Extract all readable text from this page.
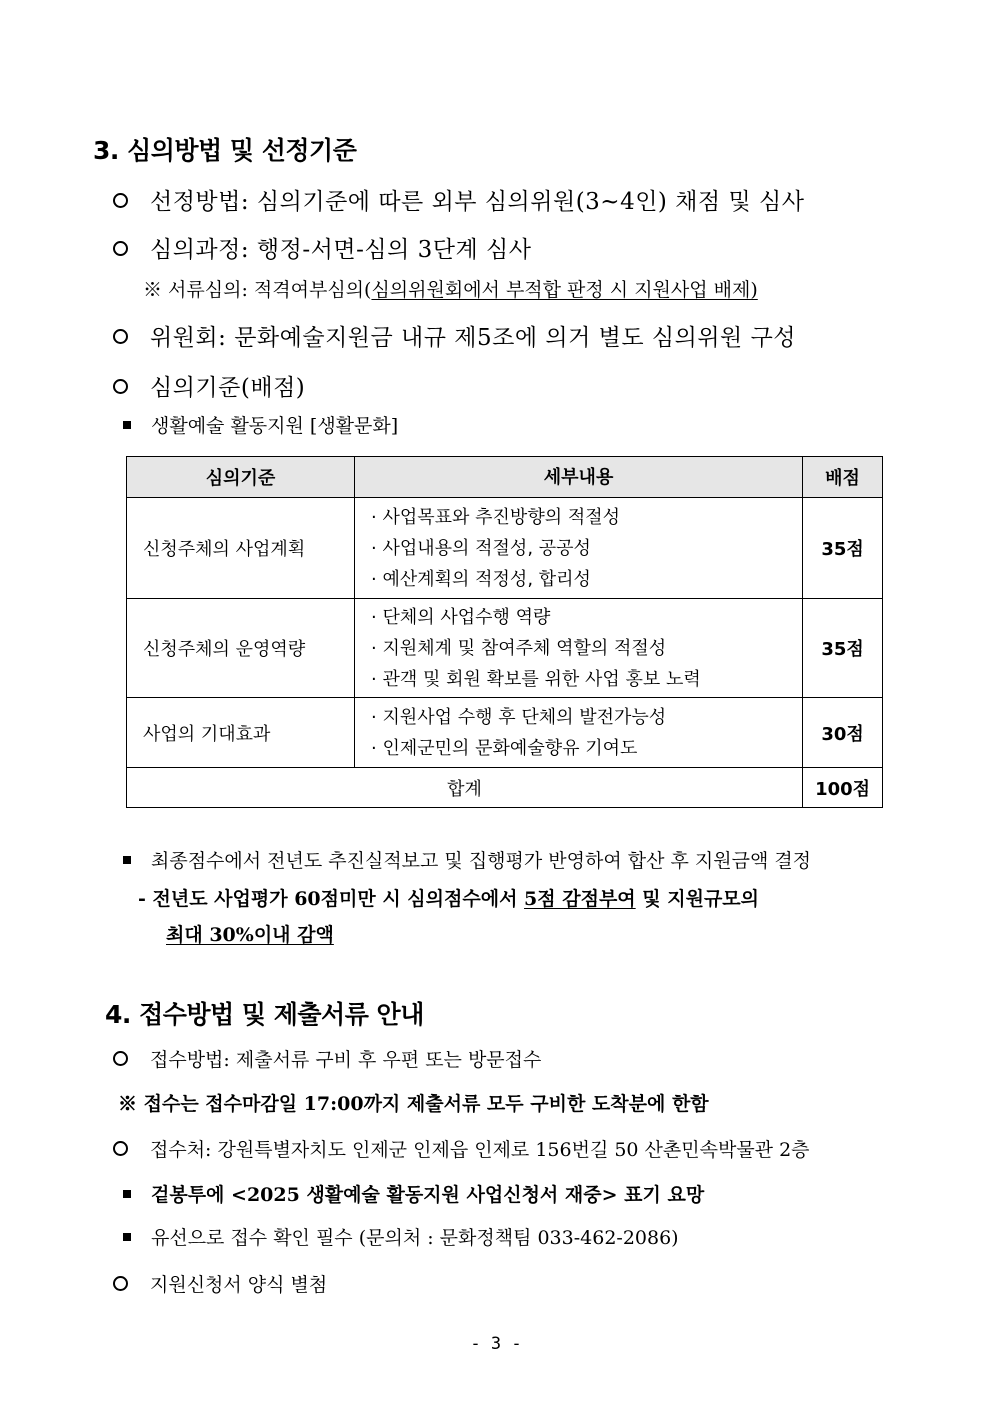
3. 심의방법 및 선정기준
선정방법: 심의기준에 따른 외부 심의위원(3~4인) 채점 및 심사
심의과정: 행정-서면-심의 3단계 심사
※ 서류심의: 적격여부심의(심의위원회에서 부적합 판정 시 지원사업 배제)
위원회: 문화예술지원금 내규 제5조에 의거 별도 심의위원 구성
심의기준(배점)
생활예술 활동지원 [생활문화]
심의기준	세부내용	배점
신청주체의 사업계획	· 사업목표와 추진방향의 적절성
· 사업내용의 적절성, 공공성
· 예산계획의 적정성, 합리성	35점
신청주체의 운영역량	· 단체의 사업수행 역량
· 지원체계 및 참여주체 역할의 적절성
· 관객 및 회원 확보를 위한 사업 홍보 노력	35점
사업의 기대효과	· 지원사업 수행 후 단체의 발전가능성
· 인제군민의 문화예술향유 기여도	30점
합계		100점
최종점수에서 전년도 추진실적보고 및 집행평가 반영하여 합산 후 지원금액 결정
- 전년도 사업평가 60점미만 시 심의점수에서 5점 감점부여 및 지원규모의
최대 30%이내 감액
4. 접수방법 및 제출서류 안내
접수방법: 제출서류 구비 후 우편 또는 방문접수
※ 접수는 접수마감일 17:00까지 제출서류 모두 구비한 도착분에 한함
접수처: 강원특별자치도 인제군 인제읍 인제로 156번길 50 산촌민속박물관 2층
겉봉투에 <2025 생활예술 활동지원 사업신청서 재중> 표기 요망
유선으로 접수 확인 필수 (문의처 : 문화정책팀 033-462-2086)
지원신청서 양식 별첨
- 3 -
